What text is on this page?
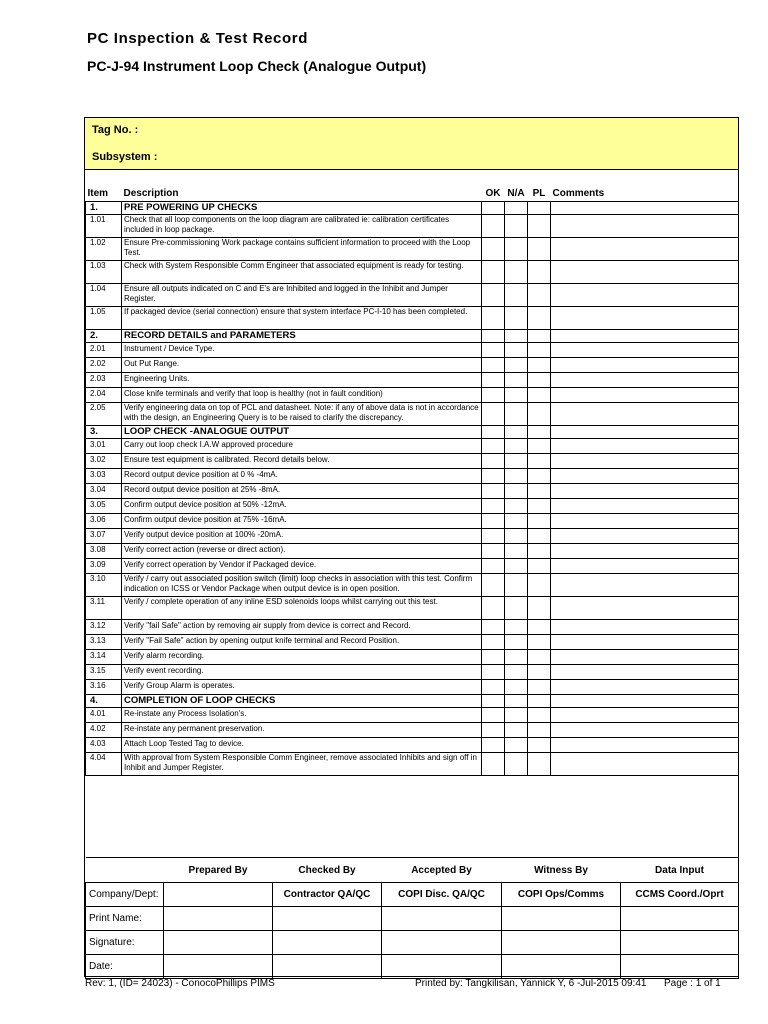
PC Inspection & Test Record
PC-J-94 Instrument Loop Check (Analogue Output)
Tag No. :
Subsystem :
Item	Description	OK	N/A	PL	Comments
1.	PRE POWERING UP CHECKS				
1.01	Check that all loop components on the loop diagram are calibrated ie: calibration certificates included in loop package.				
1.02	Ensure Pre-commissioning Work package contains sufficient information to proceed with the Loop Test.				
1.03	Check with System Responsible Comm Engineer that associated equipment is ready for testing.				
1.04	Ensure all outputs indicated on C and E's are Inhibited and logged in the Inhibit and Jumper Register.				
1.05	If packaged device (serial connection) ensure that system interface PC-I-10 has been completed.				
2.	RECORD DETAILS and PARAMETERS				
2.01	Instrument / Device Type.				
2.02	Out Put Range.				
2.03	Engineering Units.				
2.04	Close knife terminals and verify that loop is healthy (not in fault condition)				
2.05	Verify engineering data on top of PCL and datasheet. Note: if any of above data is not in accordance with the design, an Engineering Query is to be raised to clarify the discrepancy.				
3.	LOOP CHECK -ANALOGUE OUTPUT				
3.01	Carry out loop check I.A.W approved procedure				
3.02	Ensure test equipment is calibrated. Record details below.				
3.03	Record output device position at 0 % -4mA.				
3.04	Record output device position at 25% -8mA.				
3.05	Confirm output device position at 50% -12mA.				
3.06	Confirm output device position at 75% -16mA.				
3.07	Verify output device position at 100% -20mA.				
3.08	Verify correct action (reverse or direct action).				
3.09	Verify correct operation by Vendor if Packaged device.				
3.10	Verify / carry out associated position switch (limit) loop checks in association with this test. Confirm indication on ICSS or Vendor Package when output device is in open position.				
3.11	Verify / complete operation of any inline ESD solenoids loops whilst carrying out this test.				
3.12	Verify "fail Safe" action by removing air supply from device is correct and Record.				
3.13	Verify "Fail Safe" action by opening output knife terminal and Record Position.				
3.14	Verify alarm recording.				
3.15	Verify event recording.				
3.16	Verify Group Alarm is operates.				
4.	COMPLETION OF LOOP CHECKS				
4.01	Re-instate any Process Isolation's.				
4.02	Re-instate any permanent preservation.				
4.03	Attach Loop Tested Tag to device.				
4.04	With approval from System Responsible Comm Engineer, remove associated Inhibits and sign off in Inhibit and Jumper Register.				
	Prepared By	Checked By	Accepted By	Witness By	Data Input
Company/Dept:		Contractor QA/QC	COPI Disc. QA/QC	COPI Ops/Comms	CCMS Coord./Oprt
Print Name:					
Signature:					
Date:					
Rev: 1, (ID= 24023) - ConocoPhillips PIMS	Printed by: Tangkilisan, Yannick Y, 6 -Jul-2015 09:41 Page : 1 of 1
